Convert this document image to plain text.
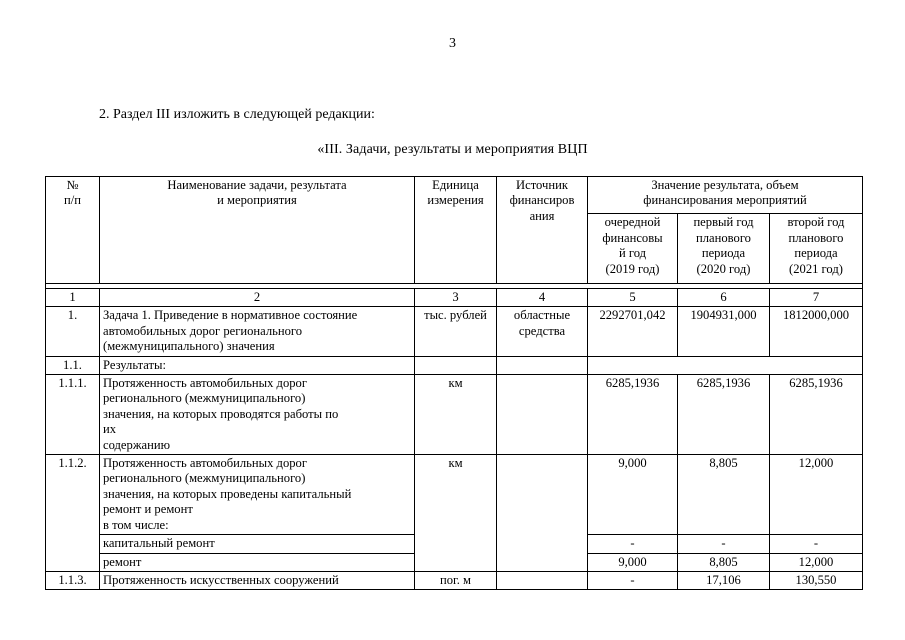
3
2. Раздел III изложить в следующей редакции:
«III. Задачи, результаты и мероприятия ВЦП
№
п/п	Наименование задачи, результата
и мероприятия	Единица
измерения	Источник
финансиров
ания	Значение результата, объем
финансирования мероприятий		
				очередной
финансовы
й год
(2019 год)	первый год
планового
периода
(2020 год)	второй год
планового
периода
(2021 год)

1	2	3	4	5	6	7
1.	Задача 1. Приведение в нормативное состояние
автомобильных дорог регионального
(межмуниципального) значения	тыс. рублей	областные
средства	2292701,042	1904931,000	1812000,000
1.1.	Результаты:					
1.1.1.	Протяженность автомобильных дорог
регионального (межмуниципального)
значения, на которых проводятся работы по
их
содержанию	км		6285,1936	6285,1936	6285,1936
1.1.2.	Протяженность автомобильных дорог
регионального (межмуниципального)
значения, на которых проведены капитальный
ремонт и ремонт
в том числе:	км		9,000	8,805	12,000
	капитальный ремонт			-	-	-
	ремонт			9,000	8,805	12,000
1.1.3.	Протяженность искусственных сооружений	пог. м		-	17,106	130,550
